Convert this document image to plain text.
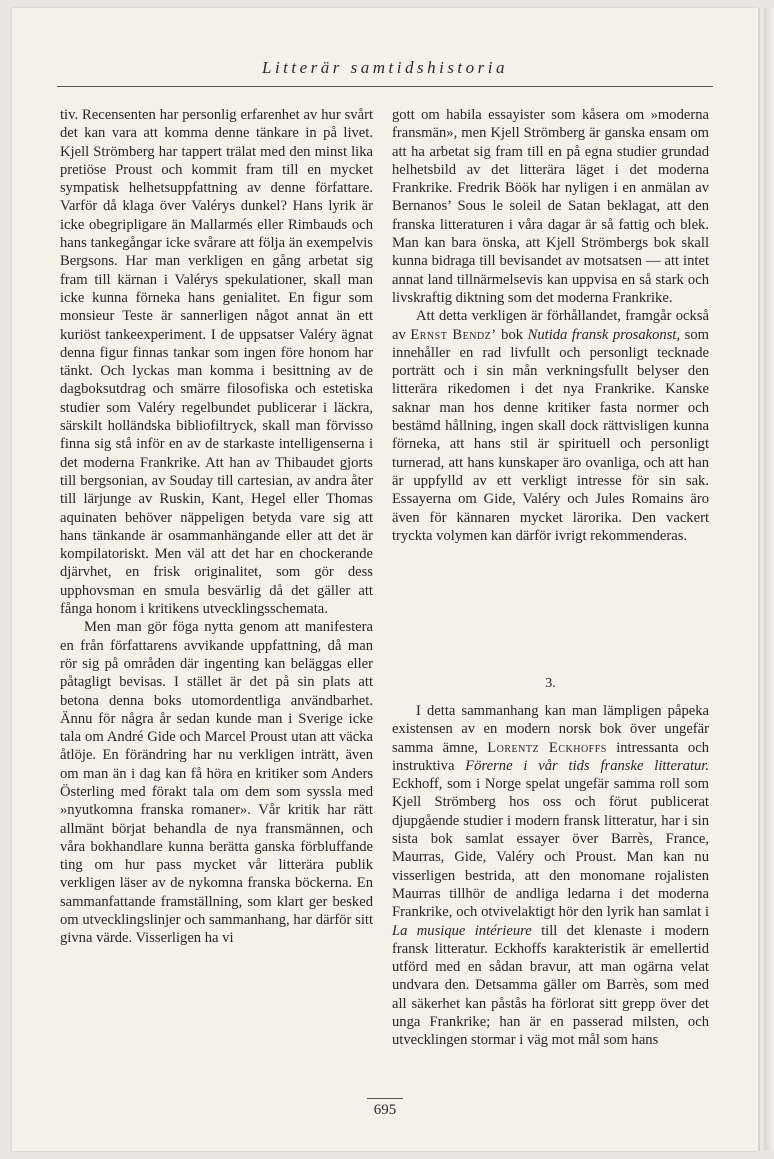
Litterär samtidshistoria

tiv. Recensenten har personlig erfarenhet av hur svårt det kan vara att komma denne tänkare in på livet. Kjell Strömberg har tappert trälat med den minst lika pretiöse Proust och kommit fram till en mycket sympatisk helhetsuppfattning av denne författare. Varför då klaga över Valérys dunkel? Hans lyrik är icke obegripligare än Mallarmés eller Rimbauds och hans tankegångar icke svårare att följa än exempelvis Bergsons. Har man verkligen en gång arbetat sig fram till kärnan i Valérys spekulationer, skall man icke kunna förneka hans genialitet. En figur som monsieur Teste är sannerligen något annat än ett kuriöst tankeexperiment. I de uppsatser Valéry ägnat denna figur finnas tankar som ingen före honom har tänkt. Och lyckas man komma i besittning av de dagboksutdrag och smärre filosofiska och estetiska studier som Valéry regelbundet publicerar i läckra, särskilt holländska bibliofiltryck, skall man förvisso finna sig stå inför en av de starkaste intelligenserna i det moderna Frankrike. Att han av Thibaudet gjorts till bergsonian, av Souday till cartesian, av andra åter till lärjunge av Ruskin, Kant, Hegel eller Thomas aquinaten behöver näppeligen betyda vare sig att hans tänkande är osammanhängande eller att det är kompilatoriskt. Men väl att det har en chockerande djärvhet, en frisk originalitet, som gör dess upphovsman en smula besvärlig då det gäller att fånga honom i kritikens utvecklingsschemata.

Men man gör föga nytta genom att manifestera en från författarens avvikande uppfattning, då man rör sig på områden där ingenting kan beläggas eller påtagligt bevisas. I stället är det på sin plats att betona denna boks utomordentliga användbarhet. Ännu för några år sedan kunde man i Sverige icke tala om André Gide och Marcel Proust utan att väcka åtlöje. En förändring har nu verkligen inträtt, även om man än i dag kan få höra en kritiker som Anders Österling med förakt tala om dem som syssla med »nyutkomna franska romaner». Vår kritik har rätt allmänt börjat behandla de nya fransmännen, och våra bokhandlare kunna berätta ganska förbluffande ting om hur pass mycket vår litterära publik verkligen läser av de nykomna franska böckerna. En sammanfattande framställning, som klart ger besked om utvecklingslinjer och sammanhang, har därför sitt givna värde. Visserligen ha vi

gott om habila essayister som kåsera om »moderna fransmän», men Kjell Strömberg är ganska ensam om att ha arbetat sig fram till en på egna studier grundad helhetsbild av det litterära läget i det moderna Frankrike. Fredrik Böök har nyligen i en anmälan av Bernanos’ Sous le soleil de Satan beklagat, att den franska litteraturen i våra dagar är så fattig och blek. Man kan bara önska, att Kjell Strömbergs bok skall kunna bidraga till bevisandet av motsatsen — att intet annat land tillnärmelsevis kan uppvisa en så stark och livskraftig diktning som det moderna Frankrike.

Att detta verkligen är förhållandet, framgår också av Ernst Bendz’ bok Nutida fransk prosakonst, som innehåller en rad livfullt och personligt tecknade porträtt och i sin mån verkningsfullt belyser den litterära rikedomen i det nya Frankrike. Kanske saknar man hos denne kritiker fasta normer och bestämd hållning, ingen skall dock rättvisligen kunna förneka, att hans stil är spirituell och personligt turnerad, att hans kunskaper äro ovanliga, och att han är uppfylld av ett verkligt intresse för sin sak. Essayerna om Gide, Valéry och Jules Romains äro även för kännaren mycket lärorika. Den vackert tryckta volymen kan därför ivrigt rekommenderas.

3.

I detta sammanhang kan man lämpligen påpeka existensen av en modern norsk bok över ungefär samma ämne, Lorentz Eckhoffs intressanta och instruktiva Förerne i vår tids franske litteratur. Eckhoff, som i Norge spelat ungefär samma roll som Kjell Strömberg hos oss och förut publicerat djupgående studier i modern fransk litteratur, har i sin sista bok samlat essayer över Barrès, France, Maurras, Gide, Valéry och Proust. Man kan nu visserligen bestrida, att den monomane rojalisten Maurras tillhör de andliga ledarna i det moderna Frankrike, och otvivelaktigt hör den lyrik han samlat i La musique intérieure till det klenaste i modern fransk litteratur. Eckhoffs karakteristik är emellertid utförd med en sådan bravur, att man ogärna velat undvara den. Detsamma gäller om Barrès, som med all säkerhet kan påstås ha förlorat sitt grepp över det unga Frankrike; han är en passerad milsten, och utvecklingen stormar i väg mot mål som hans

695
